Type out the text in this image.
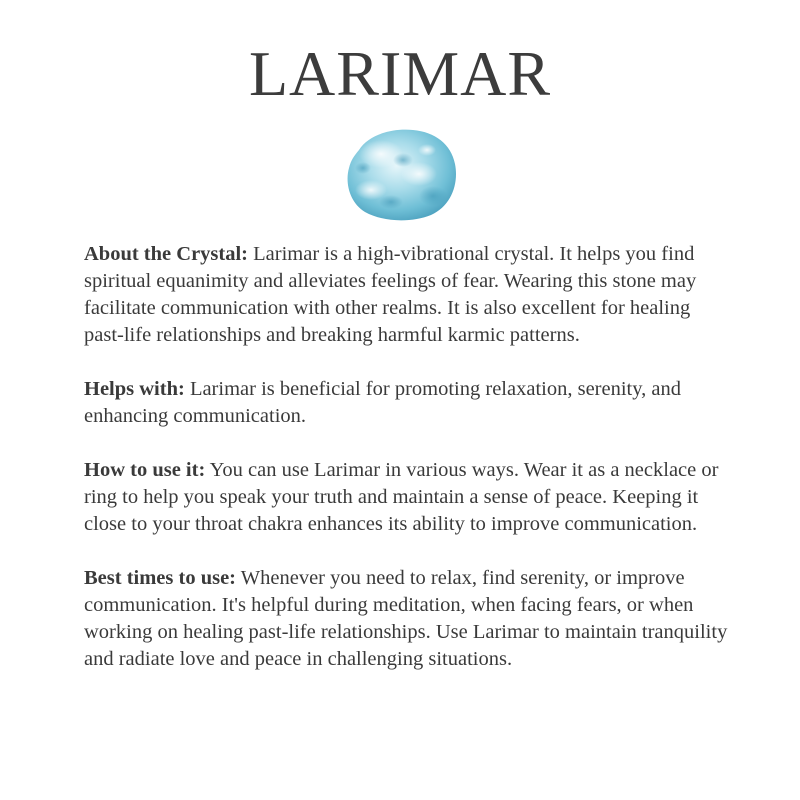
LARIMAR

About the Crystal: Larimar is a high-vibrational crystal. It helps you find spiritual equanimity and alleviates feelings of fear. Wearing this stone may facilitate communication with other realms. It is also excellent for healing past-life relationships and breaking harmful karmic patterns.

Helps with: Larimar is beneficial for promoting relaxation, serenity, and enhancing communication.

How to use it: You can use Larimar in various ways. Wear it as a necklace or ring to help you speak your truth and maintain a sense of peace. Keeping it close to your throat chakra enhances its ability to improve communication.

Best times to use: Whenever you need to relax, find serenity, or improve communication. It's helpful during meditation, when facing fears, or when working on healing past-life relationships. Use Larimar to maintain tranquility and radiate love and peace in challenging situations.
